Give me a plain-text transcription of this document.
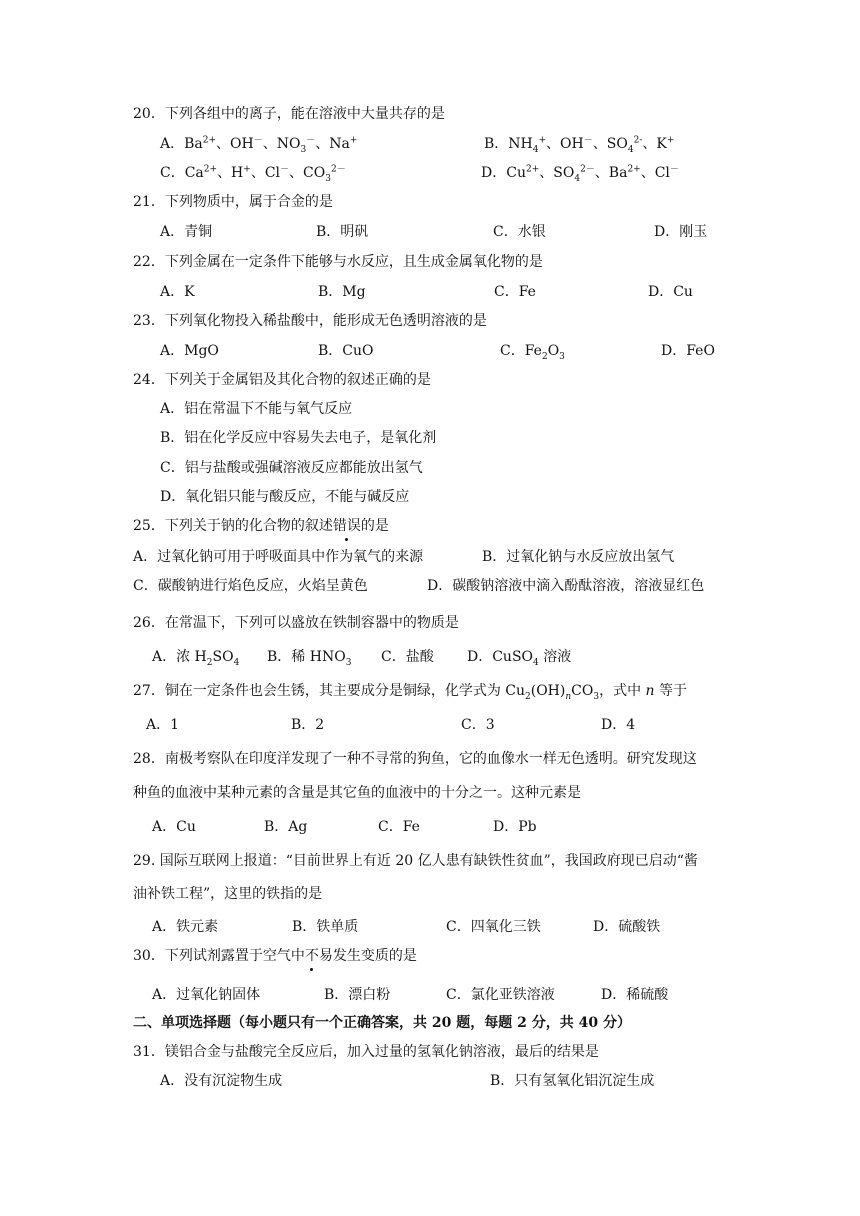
20．下列各组中的离子，能在溶液中大量共存的是
A．$Ba^{2+}$、OH－、$NO_3^-$、Na+	B．$NH_4^+$、OH－、$SO_4^{2-}$、K+
C．$Ca^{2+}$、H+、Cl－、$CO_3^{2-}$	D．$Cu^{2+}$、$SO_4^{2-}$、$Ba^{2+}$、Cl－
21．下列物质中，属于合金的是
A．青铜	B．明矾	C．水银	D．刚玉
22．下列金属在一定条件下能够与水反应，且生成金属氧化物的是
A．K	B．Mg	C．Fe	D．Cu
23．下列氧化物投入稀盐酸中，能形成无色透明溶液的是
A．MgO	B．CuO	C．$Fe_2O_3$	D．FeO
24．下列关于金属铝及其化合物的叙述正确的是
A．铝在常温下不能与氧气反应
B．铝在化学反应中容易失去电子，是氧化剂
C．铝与盐酸或强碱溶液反应都能放出氢气
D．氧化铝只能与酸反应，不能与碱反应
25．下列关于钠的化合物的叙述错误的是
A．过氧化钠可用于呼吸面具中作为氧气的来源	B．过氧化钠与水反应放出氢气
C．碳酸钠进行焰色反应，火焰呈黄色	D．碳酸钠溶液中滴入酚酞溶液，溶液显红色
26．在常温下，下列可以盛放在铁制容器中的物质是
A．浓 $H_2SO_4$ B．稀 $HNO_3$ C．盐酸 D．CuSO$_4$ 溶液
27．铜在一定条件也会生锈，其主要成分是铜绿，化学式为 $Cu_2(OH)_nCO_3$，式中 n 等于
A．1	B．2	C．3	D．4
28．南极考察队在印度洋发现了一种不寻常的狗鱼，它的血像水一样无色透明。研究发现这
种鱼的血液中某种元素的含量是其它鱼的血液中的十分之一。这种元素是
A．Cu	B．Ag	C．Fe	D．Pb
29. 国际互联网上报道：“目前世界上有近 20 亿人患有缺铁性贫血”，我国政府现已启动“酱
油补铁工程”，这里的铁指的是
A．铁元素	B．铁单质	C．四氧化三铁	D．硫酸铁
30．下列试剂露置于空气中不易发生变质的是
A．过氧化钠固体	B．漂白粉	C．氯化亚铁溶液	D．稀硫酸
二、单项选择题（每小题只有一个正确答案，共 20 题，每题 2 分，共 40 分）
31．镁铝合金与盐酸完全反应后，加入过量的氢氧化钠溶液，最后的结果是
A．没有沉淀物生成	B．只有氢氧化铝沉淀生成
